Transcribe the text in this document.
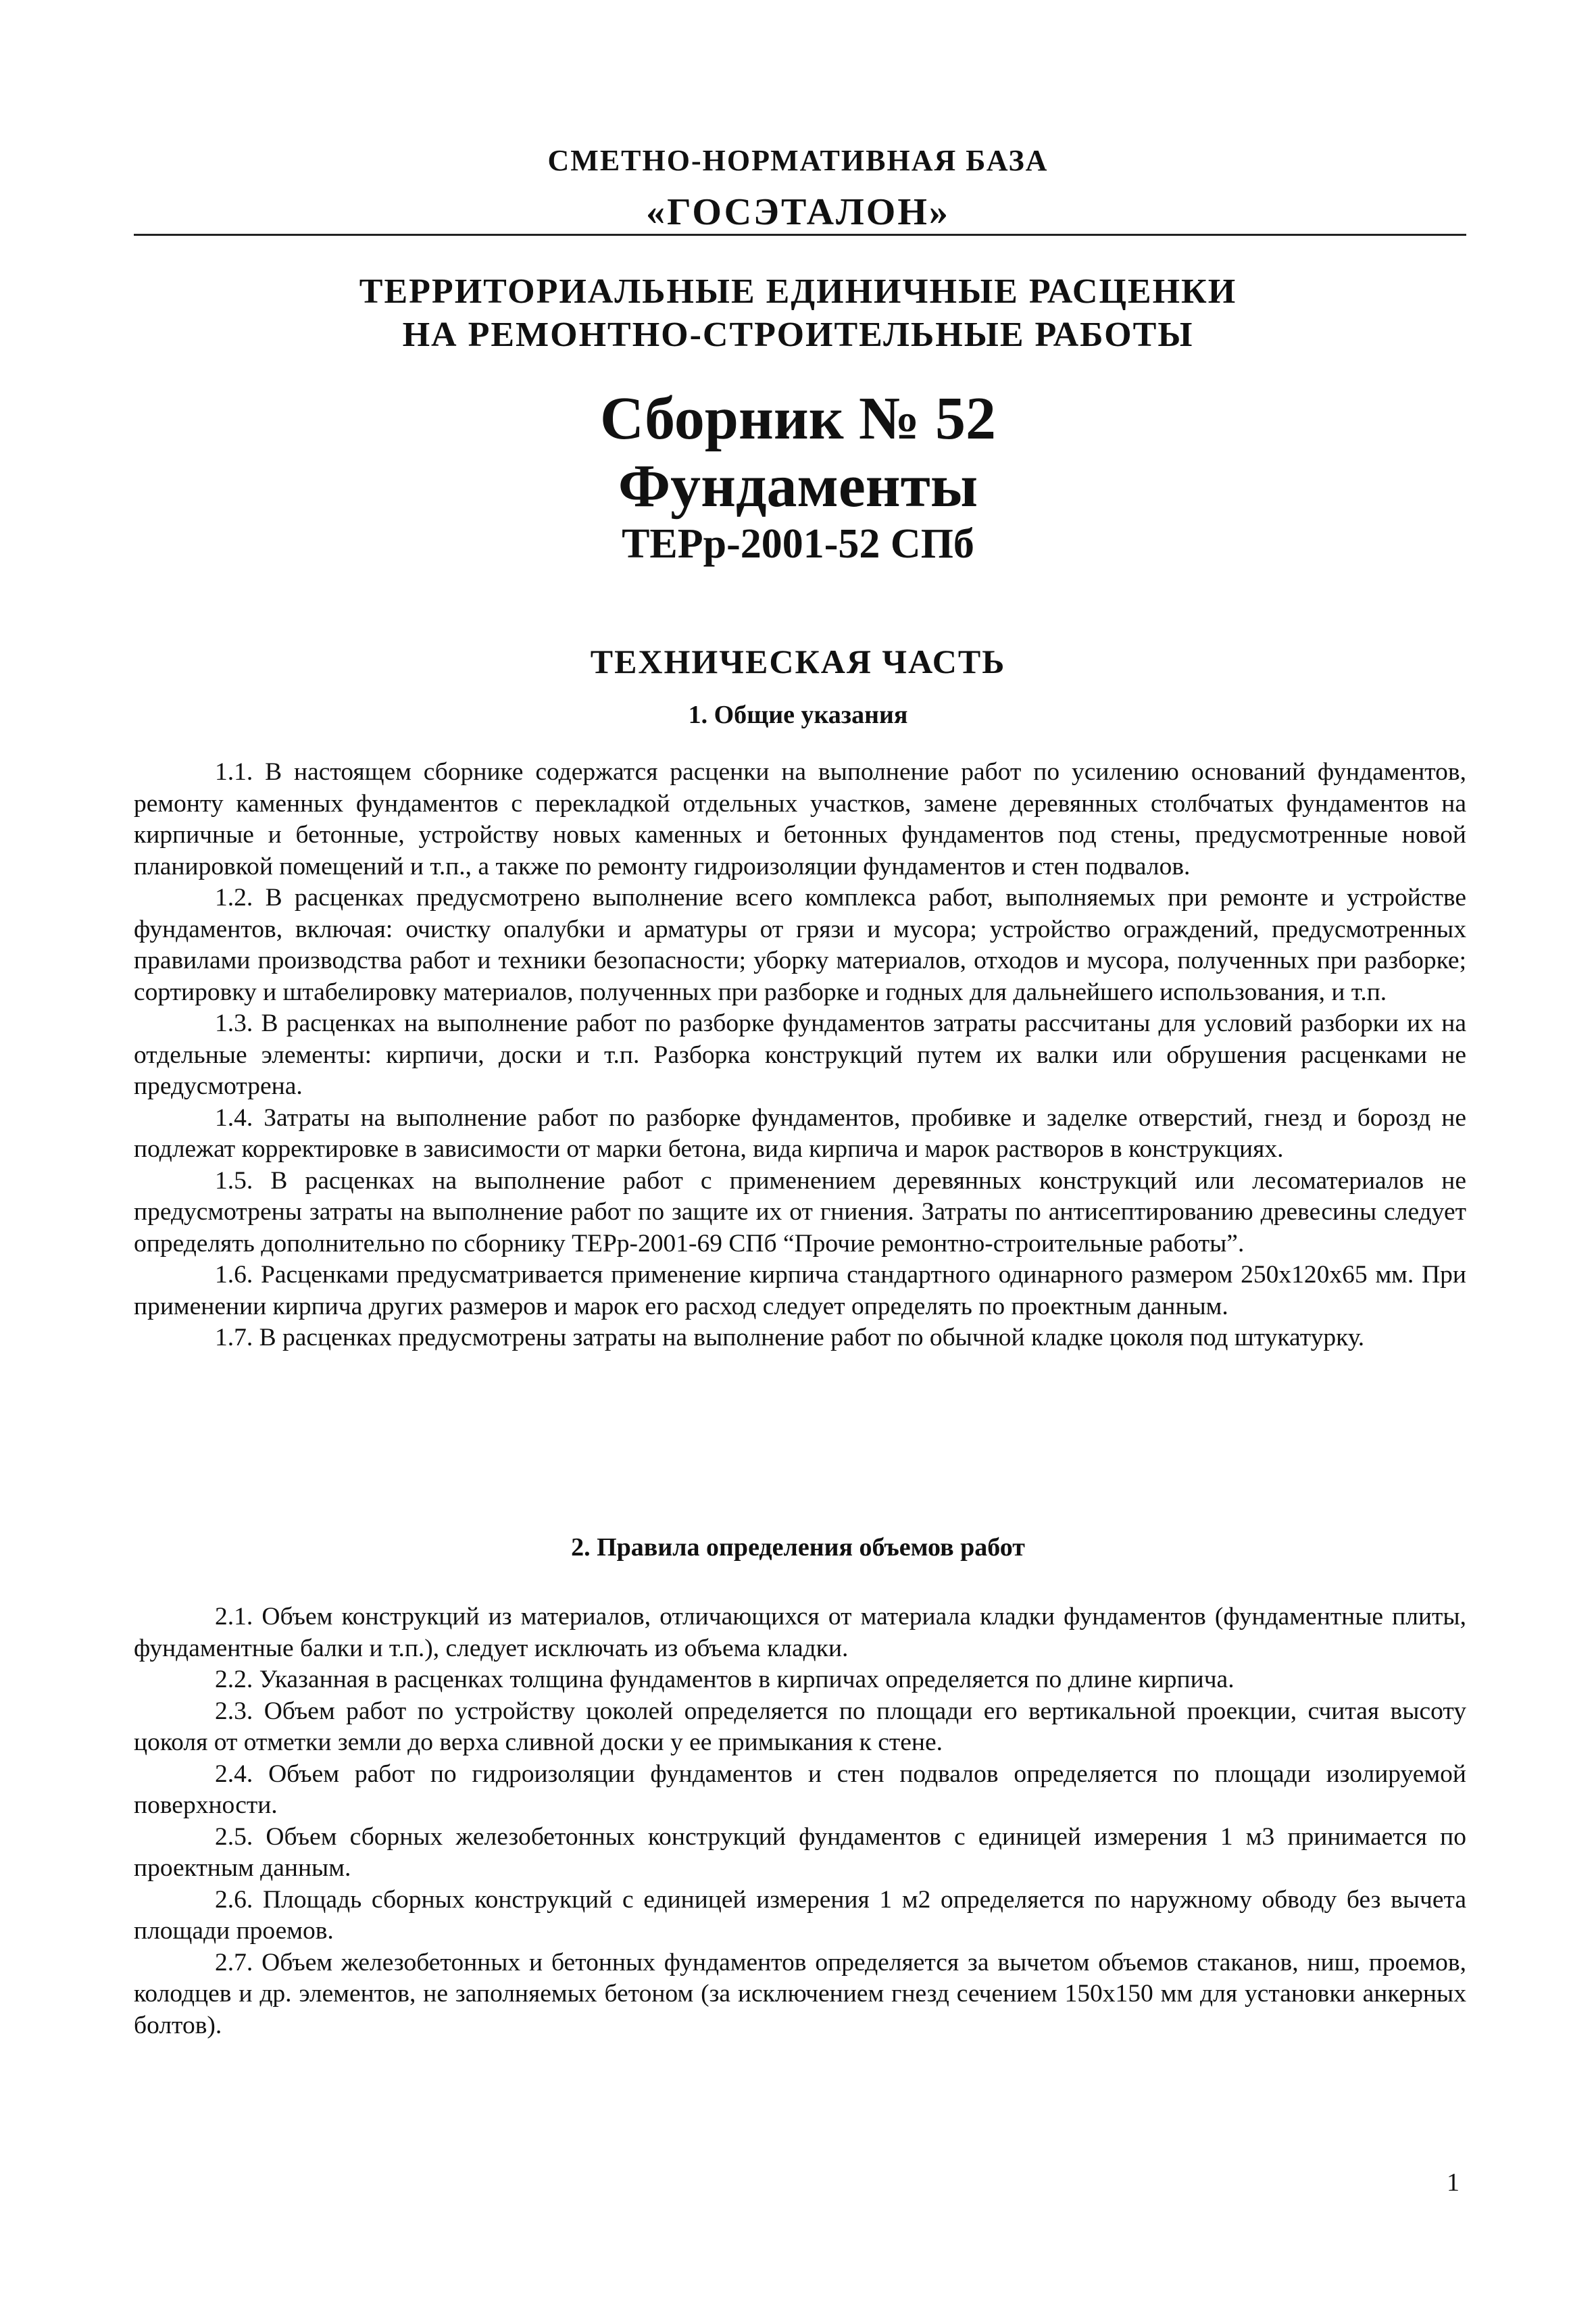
СМЕТНО-НОРМАТИВНАЯ БАЗА
«ГОСЭТАЛОН»
ТЕРРИТОРИАЛЬНЫЕ ЕДИНИЧНЫЕ РАСЦЕНКИ
НА РЕМОНТНО-СТРОИТЕЛЬНЫЕ РАБОТЫ
Сборник № 52
Фундаменты
ТЕРр-2001-52 СПб
ТЕХНИЧЕСКАЯ ЧАСТЬ
1. Общие указания

1.1. В настоящем сборнике содержатся расценки на выполнение работ по усилению оснований фундаментов, ремонту каменных фундаментов с перекладкой отдельных участков, замене деревянных столбчатых фундаментов на кирпичные и бетонные, устройству новых каменных и бетонных фундаментов под стены, предусмотренные новой планировкой помещений и т.п., а также по ремонту гидроизоляции фундаментов и стен подвалов.

1.2. В расценках предусмотрено выполнение всего комплекса работ, выполняемых при ремонте и устройстве фундаментов, включая: очистку опалубки и арматуры от грязи и мусора; устройство ограждений, предусмотренных правилами производства работ и техники безопасности; уборку материалов, отходов и мусора, полученных при разборке; сортировку и штабелировку материалов, полученных при разборке и годных для дальнейшего использования, и т.п.

1.3. В расценках на выполнение работ по разборке фундаментов затраты рассчитаны для условий разборки их на отдельные элементы: кирпичи, доски и т.п. Разборка конструкций путем их валки или обрушения расценками не предусмотрена.

1.4. Затраты на выполнение работ по разборке фундаментов, пробивке и заделке отверстий, гнезд и борозд не подлежат корректировке в зависимости от марки бетона, вида кирпича и марок растворов в конструкциях.

1.5. В расценках на выполнение работ с применением деревянных конструкций или лесоматериалов не предусмотрены затраты на выполнение работ по защите их от гниения. Затраты по антисептированию древесины следует определять дополнительно по сборнику ТЕРр-2001-69 СПб “Прочие ремонтно-строительные работы”.

1.6. Расценками предусматривается применение кирпича стандартного одинарного размером 250x120x65 мм. При применении кирпича других размеров и марок его расход следует определять по проектным данным.

1.7. В расценках предусмотрены затраты на выполнение работ по обычной кладке цоколя под штукатурку.

2. Правила определения объемов работ

2.1. Объем конструкций из материалов, отличающихся от материала кладки фундаментов (фундаментные плиты, фундаментные балки и т.п.), следует исключать из объема кладки.

2.2. Указанная в расценках толщина фундаментов в кирпичах определяется по длине кирпича.

2.3. Объем работ по устройству цоколей определяется по площади его вертикальной проекции, считая высоту цоколя от отметки земли до верха сливной доски у ее примыкания к стене.

2.4. Объем работ по гидроизоляции фундаментов и стен подвалов определяется по площади изолируемой поверхности.

2.5. Объем сборных железобетонных конструкций фундаментов с единицей измерения 1 м3 принимается по проектным данным.

2.6. Площадь сборных конструкций с единицей измерения 1 м2 определяется по наружному обводу без вычета площади проемов.

2.7. Объем железобетонных и бетонных фундаментов определяется за вычетом объемов стаканов, ниш, проемов, колодцев и др. элементов, не заполняемых бетоном (за исключением гнезд сечением 150x150 мм для установки анкерных болтов).

1
